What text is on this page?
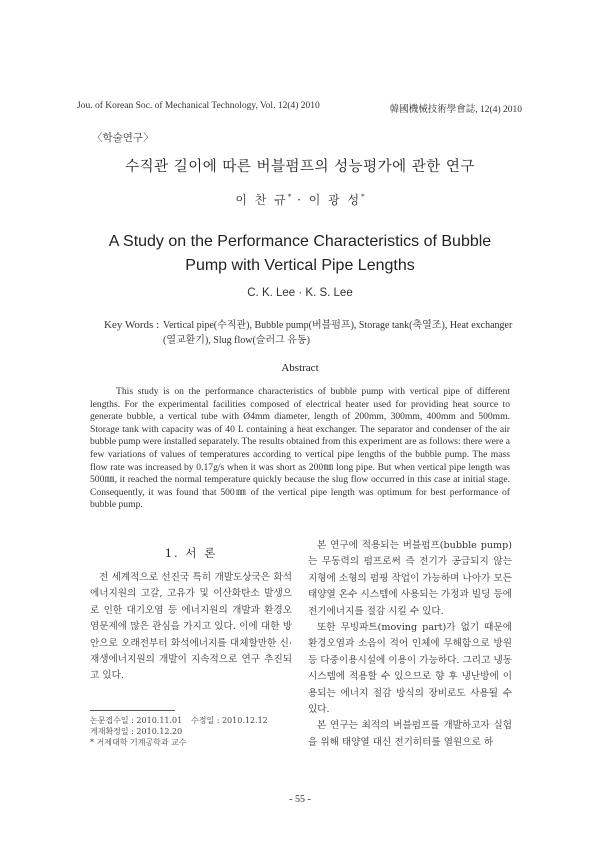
Jou. of Korean Soc. of Mechanical Technology, Vol. 12(4) 2010	韓國機械技術學會誌, 12(4) 2010
〈학술연구〉
수직관 길이에 따른 버블펌프의 성능평가에 관한 연구
이 찬 규* · 이 광 성*
A Study on the Performance Characteristics of Bubble
Pump with Vertical Pipe Lengths
C. K. Lee · K. S. Lee
Key Words : Vertical pipe(수직관), Bubble pump(버블펌프), Storage tank(축열조), Heat exchanger (열교환기), Slug flow(슬러그 유동)
Abstract
This study is on the performance characteristics of bubble pump with vertical pipe of different lengths. For the experimental facilities composed of electrical heater used for providing heat source to generate bubble, a vertical tube with Ø4mm diameter, length of 200mm, 300mm, 400mm and 500mm. Storage tank with capacity was of 40 L containing a heat exchanger. The separator and condenser of the air bubble pump were installed separately. The results obtained from this experiment are as follows: there were a few variations of values of temperatures according to vertical pipe lengths of the bubble pump. The mass flow rate was increased by 0.17g/s when it was short as 200㎜ long pipe. But when vertical pipe length was 500㎜, it reached the normal temperature quickly because the slug flow occurred in this case at initial stage. Consequently, it was found that 500㎜ of the vertical pipe length was optimum for best performance of bubble pump.
1. 서 론

전 세계적으로 선진국 특히 개발도상국은 화석 에너지원의 고갈, 고유가 및 이산화탄소 발생으로 인한 대기오염 등 에너지원의 개발과 환경오염문제에 많은 관심을 가지고 있다. 이에 대한 방안으로 오래전부터 화석에너지를 대체할만한 신·재생에너지원의 개발이 지속적으로 연구 추진되고 있다.

본 연구에 적용되는 버블펌프(bubble pump)는 무동력의 펌프로써 즉 전기가 공급되지 않는 지형에 소형의 펌핑 작업이 가능하며 나아가 모든 태양열 온수 시스템에 사용되는 가정과 빌딩 등에 전기에너지를 절감 시킬 수 있다.

또한 무빙파트(moving part)가 없기 때문에 환경오염과 소음이 적어 인체에 무해함으로 방원 등 다중이용시설에 이용이 가능하다. 그리고 냉동 시스템에 적용할 수 있으므로 향 후 냉난방에 이용되는 에너지 절감 방식의 장비로도 사용될 수 있다.

본 연구는 최적의 버블펌프를 개발하고자 실험을 위해 태양열 대신 전기히터를 열원으로 하

논문접수일 : 2010.11.01 수정일 : 2010.12.12
게재확정일 : 2010.12.20
* 거제대학 기계공학과 교수
- 55 -
